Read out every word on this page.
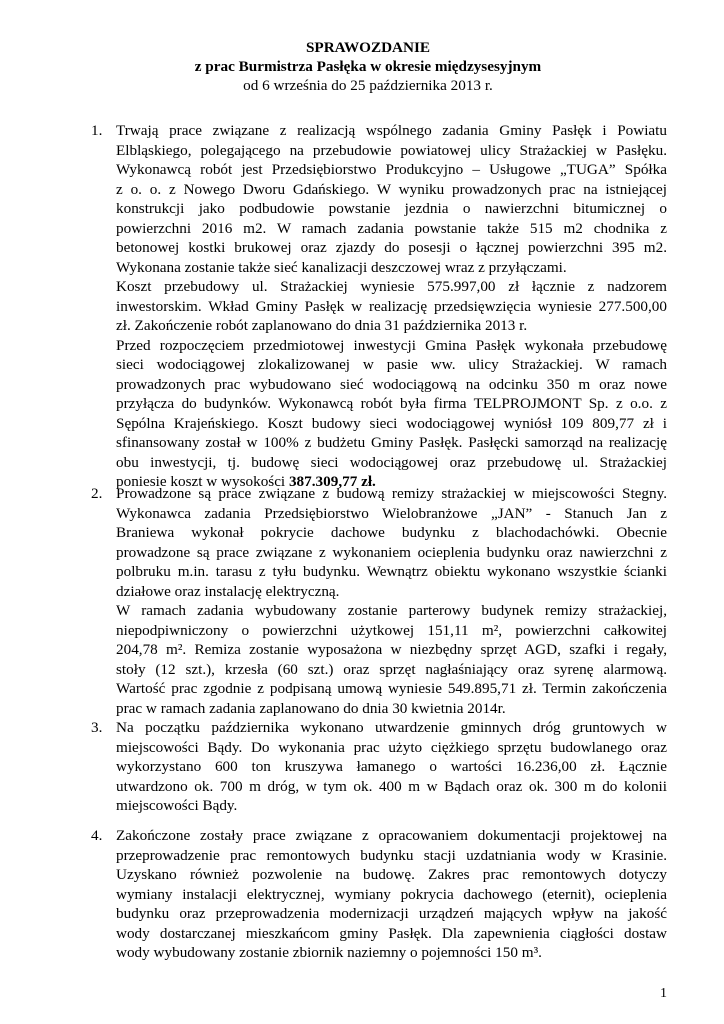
SPRAWOZDANIE
z prac Burmistrza Pasłęka w okresie międzysesyjnym
od 6 września do 25 października 2013 r.
1. Trwają prace związane z realizacją wspólnego zadania Gminy Pasłęk i Powiatu
Elbląskiego, polegającego na przebudowie powiatowej ulicy Strażackiej w Pasłęku.
Wykonawcą robót jest Przedsiębiorstwo Produkcyjno – Usługowe „TUGA” Spółka
z o. o. z Nowego Dworu Gdańskiego. W wyniku prowadzonych prac na istniejącej
konstrukcji jako podbudowie powstanie jezdnia o nawierzchni bitumicznej o
powierzchni 2016 m2. W ramach zadania powstanie także 515 m2 chodnika z
betonowej kostki brukowej oraz zjazdy do posesji o łącznej powierzchni 395 m2.
Wykonana zostanie także sieć kanalizacji deszczowej wraz z przyłączami.
Koszt przebudowy ul. Strażackiej wyniesie 575.997,00 zł łącznie z nadzorem
inwestorskim. Wkład Gminy Pasłęk w realizację przedsięwzięcia wyniesie 277.500,00
zł. Zakończenie robót zaplanowano do dnia 31 października 2013 r.
Przed rozpoczęciem przedmiotowej inwestycji Gmina Pasłęk wykonała przebudowę
sieci wodociągowej zlokalizowanej w pasie ww. ulicy Strażackiej. W ramach
prowadzonych prac wybudowano sieć wodociągową na odcinku 350 m oraz nowe
przyłącza do budynków. Wykonawcą robót była firma TELPROJMONT Sp. z o.o. z
Sępólna Krajeńskiego. Koszt budowy sieci wodociągowej wyniósł 109 809,77 zł i
sfinansowany został w 100% z budżetu Gminy Pasłęk. Pasłęcki samorząd na realizację
obu inwestycji, tj. budowę sieci wodociągowej oraz przebudowę ul. Strażackiej
poniesie koszt w wysokości 387.309,77 zł.
2. Prowadzone są prace związane z budową remizy strażackiej w miejscowości Stegny.
Wykonawca zadania Przedsiębiorstwo Wielobranżowe „JAN” - Stanuch Jan z
Braniewa wykonał pokrycie dachowe budynku z blachodachówki. Obecnie
prowadzone są prace związane z wykonaniem ocieplenia budynku oraz nawierzchni z
polbruku m.in. tarasu z tyłu budynku. Wewnątrz obiektu wykonano wszystkie ścianki
działowe oraz instalację elektryczną.
W ramach zadania wybudowany zostanie parterowy budynek remizy strażackiej,
niepodpiwniczony o powierzchni użytkowej 151,11 m², powierzchni całkowitej
204,78 m². Remiza zostanie wyposażona w niezbędny sprzęt AGD, szafki i regały,
stoły (12 szt.), krzesła (60 szt.) oraz sprzęt nagłaśniający oraz syrenę alarmową.
Wartość prac zgodnie z podpisaną umową wyniesie 549.895,71 zł. Termin zakończenia
prac w ramach zadania zaplanowano do dnia 30 kwietnia 2014r.
3. Na początku października wykonano utwardzenie gminnych dróg gruntowych w
miejscowości Bądy. Do wykonania prac użyto ciężkiego sprzętu budowlanego oraz
wykorzystano 600 ton kruszywa łamanego o wartości 16.236,00 zł. Łącznie
utwardzono ok. 700 m dróg, w tym ok. 400 m w Bądach oraz ok. 300 m do kolonii
miejscowości Bądy.
4. Zakończone zostały prace związane z opracowaniem dokumentacji projektowej na
przeprowadzenie prac remontowych budynku stacji uzdatniania wody w Krasinie.
Uzyskano również pozwolenie na budowę. Zakres prac remontowych dotyczy
wymiany instalacji elektrycznej, wymiany pokrycia dachowego (eternit), ocieplenia
budynku oraz przeprowadzenia modernizacji urządzeń mających wpływ na jakość
wody dostarczanej mieszkańcom gminy Pasłęk. Dla zapewnienia ciągłości dostaw
wody wybudowany zostanie zbiornik naziemny o pojemności 150 m³.
1
